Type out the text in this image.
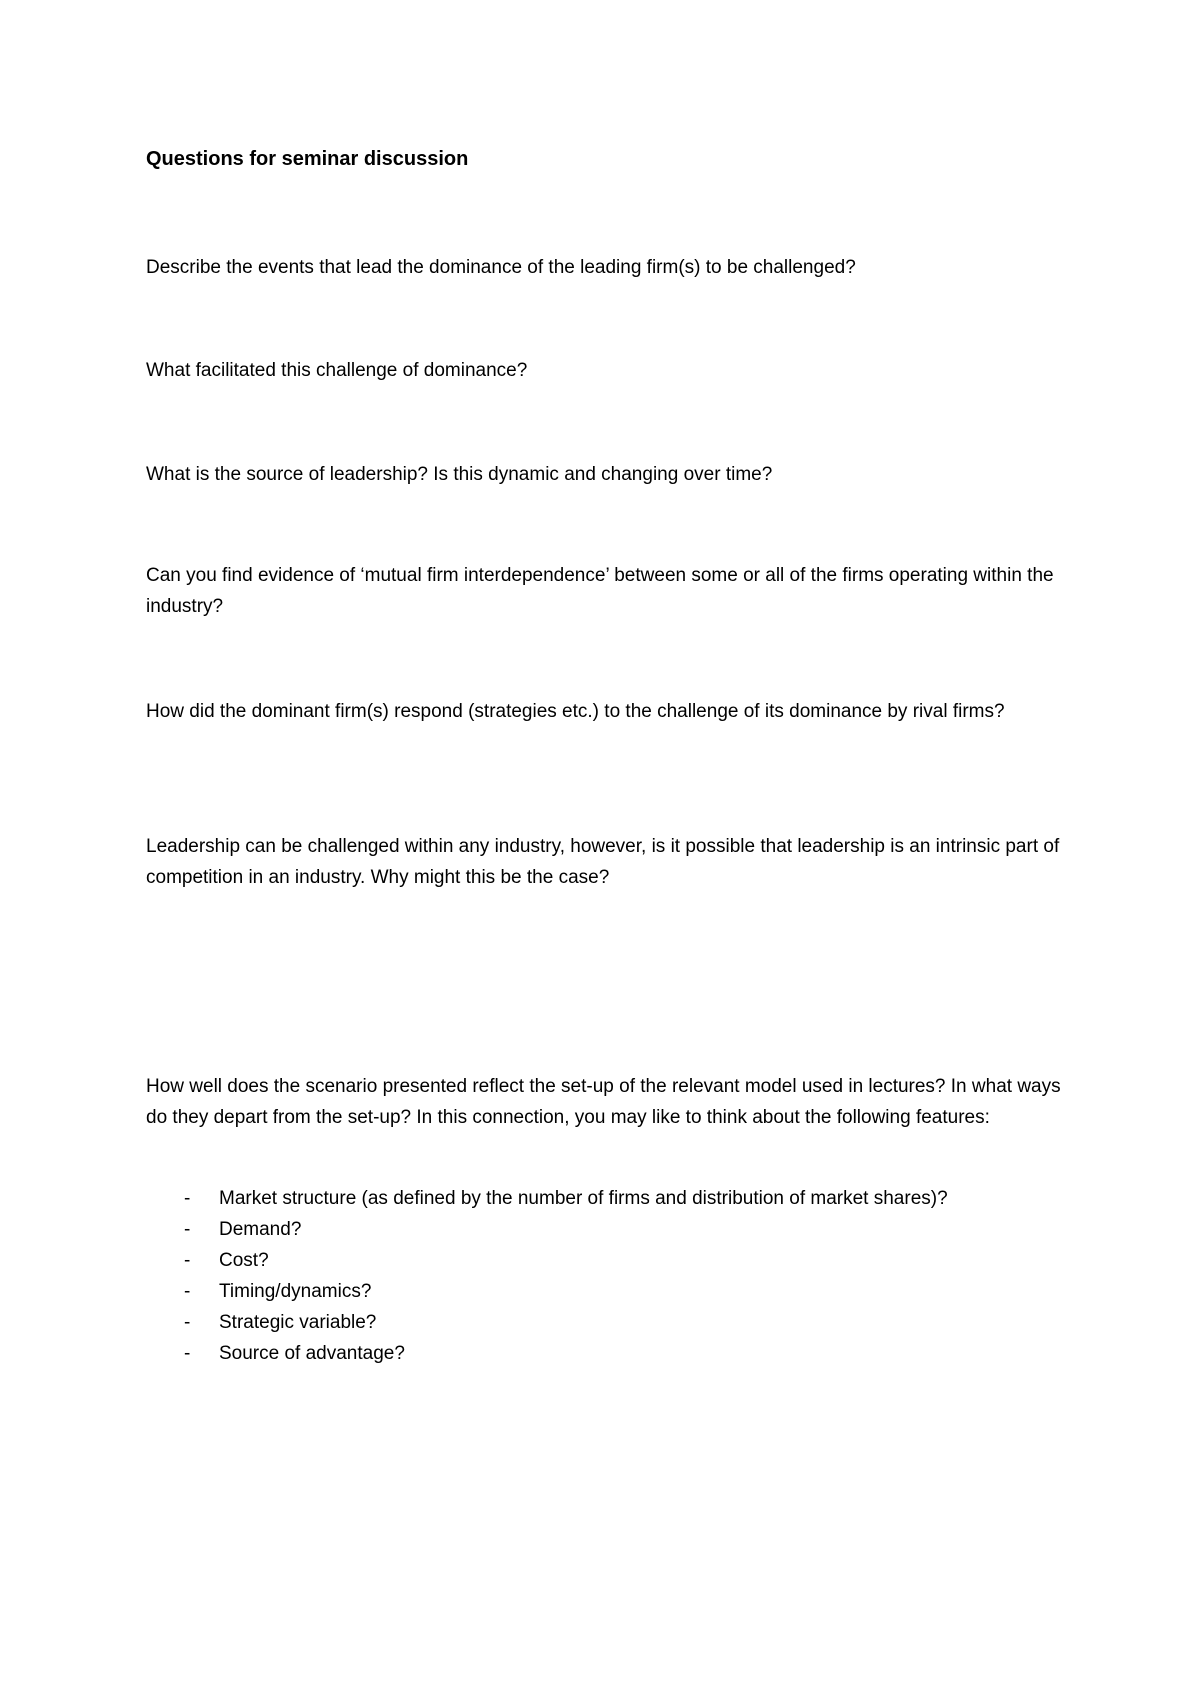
Questions for seminar discussion

Describe the events that lead the dominance of the leading firm(s) to be challenged?

What facilitated this challenge of dominance?

What is the source of leadership? Is this dynamic and changing over time?

Can you find evidence of ‘mutual firm interdependence’ between some or all of the firms operating within the industry?

How did the dominant firm(s) respond (strategies etc.) to the challenge of its dominance by rival firms?

Leadership can be challenged within any industry, however, is it possible that leadership is an intrinsic part of competition in an industry. Why might this be the case?

How well does the scenario presented reflect the set-up of the relevant model used in lectures? In what ways do they depart from the set-up? In this connection, you may like to think about the following features:

- Market structure (as defined by the number of firms and distribution of market shares)?
- Demand?
- Cost?
- Timing/dynamics?
- Strategic variable?
- Source of advantage?
